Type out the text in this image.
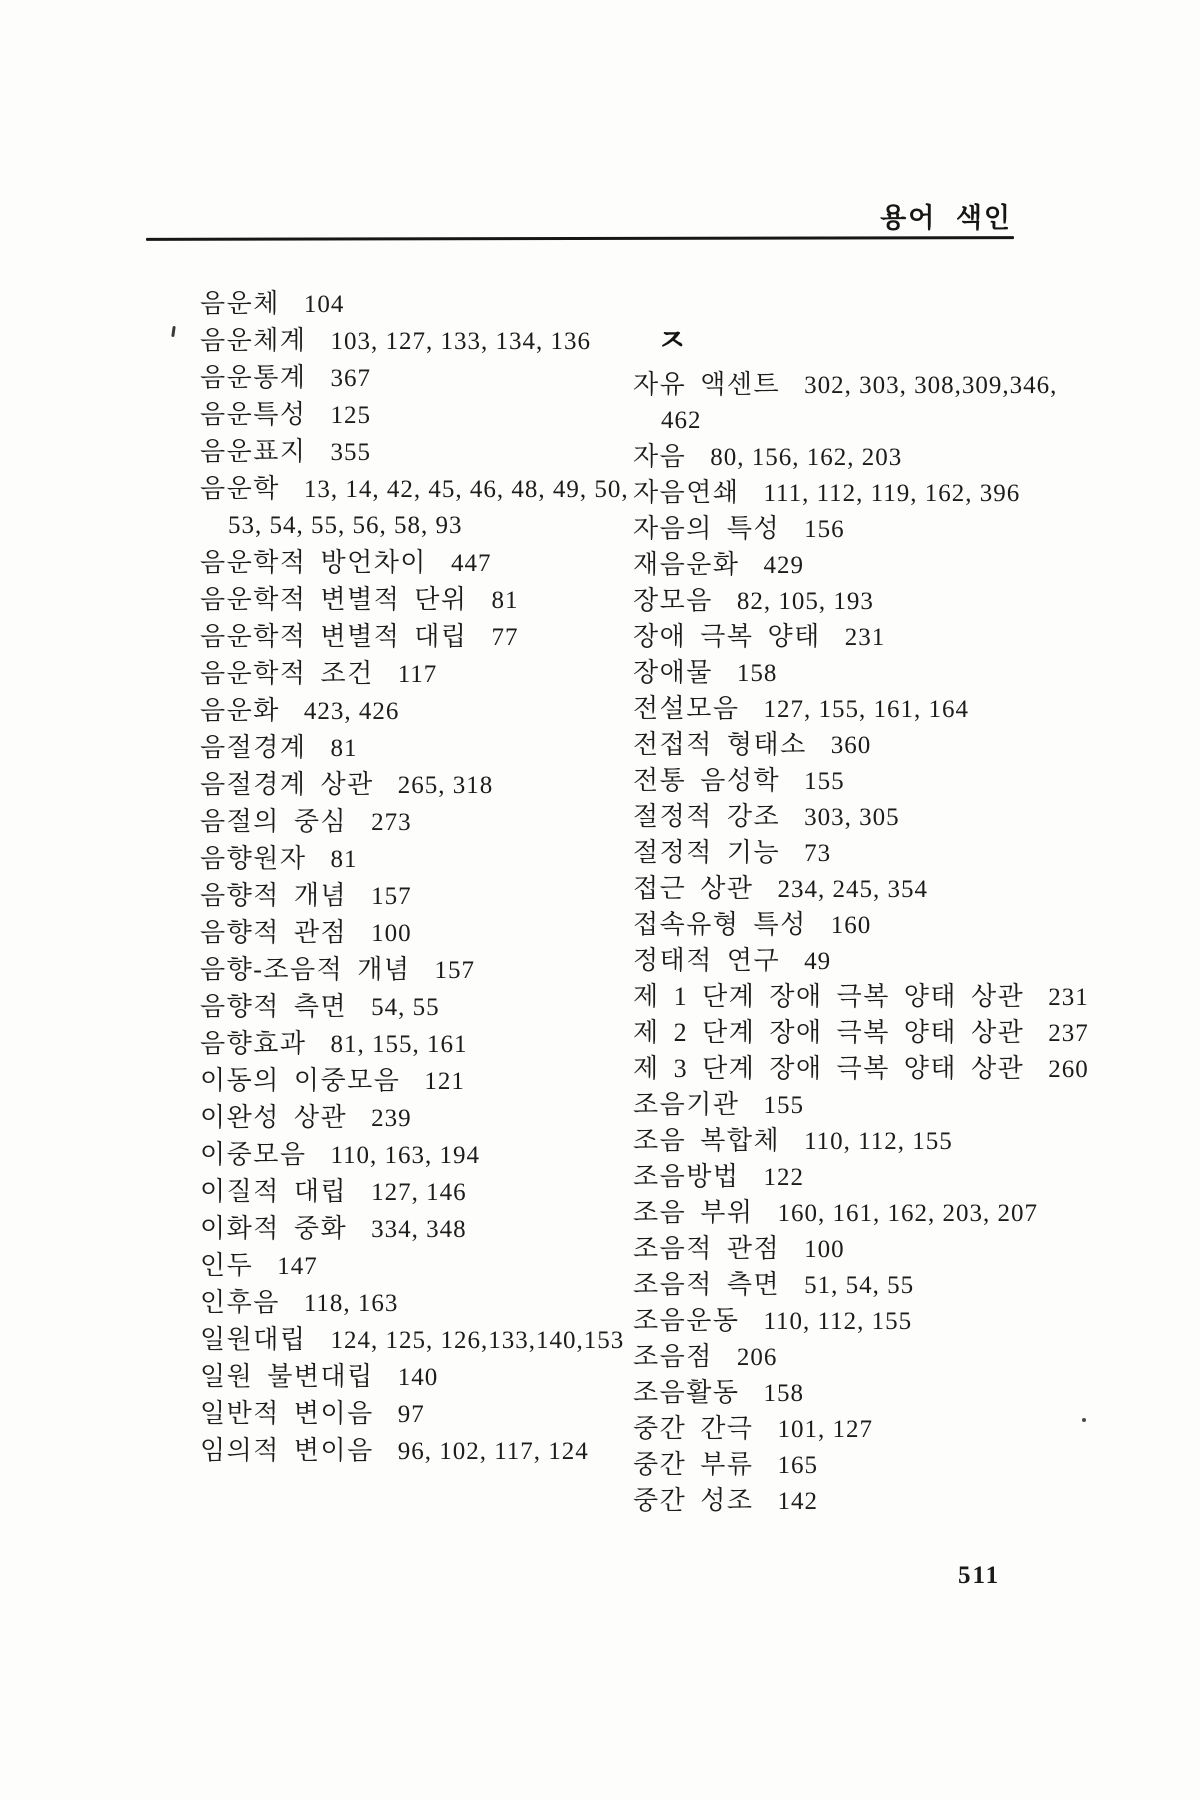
용어 색인
음운체 104
음운체계 103, 127, 133, 134, 136
음운통계 367
음운특성 125
음운표지 355
음운학 13, 14, 42, 45, 46, 48, 49, 50,
53, 54, 55, 56, 58, 93
음운학적 방언차이 447
음운학적 변별적 단위 81
음운학적 변별적 대립 77
음운학적 조건 117
음운화 423, 426
음절경계 81
음절경계 상관 265, 318
음절의 중심 273
음향원자 81
음향적 개념 157
음향적 관점 100
음향-조음적 개념 157
음향적 측면 54, 55
음향효과 81, 155, 161
이동의 이중모음 121
이완성 상관 239
이중모음 110, 163, 194
이질적 대립 127, 146
이화적 중화 334, 348
인두 147
인후음 118, 163
일원대립 124, 125, 126,133,140,153
일원 불변대립 140
일반적 변이음 97
임의적 변이음 96, 102, 117, 124
ㅈ
자유 액센트 302, 303, 308,309,346,
462
자음 80, 156, 162, 203
자음연쇄 111, 112, 119, 162, 396
자음의 특성 156
재음운화 429
장모음 82, 105, 193
장애 극복 양태 231
장애물 158
전설모음 127, 155, 161, 164
전접적 형태소 360
전통 음성학 155
절정적 강조 303, 305
절정적 기능 73
접근 상관 234, 245, 354
접속유형 특성 160
정태적 연구 49
제 1 단계 장애 극복 양태 상관 231
제 2 단계 장애 극복 양태 상관 237
제 3 단계 장애 극복 양태 상관 260
조음기관 155
조음 복합체 110, 112, 155
조음방법 122
조음 부위 160, 161, 162, 203, 207
조음적 관점 100
조음적 측면 51, 54, 55
조음운동 110, 112, 155
조음점 206
조음활동 158
중간 간극 101, 127
중간 부류 165
중간 성조 142
511
